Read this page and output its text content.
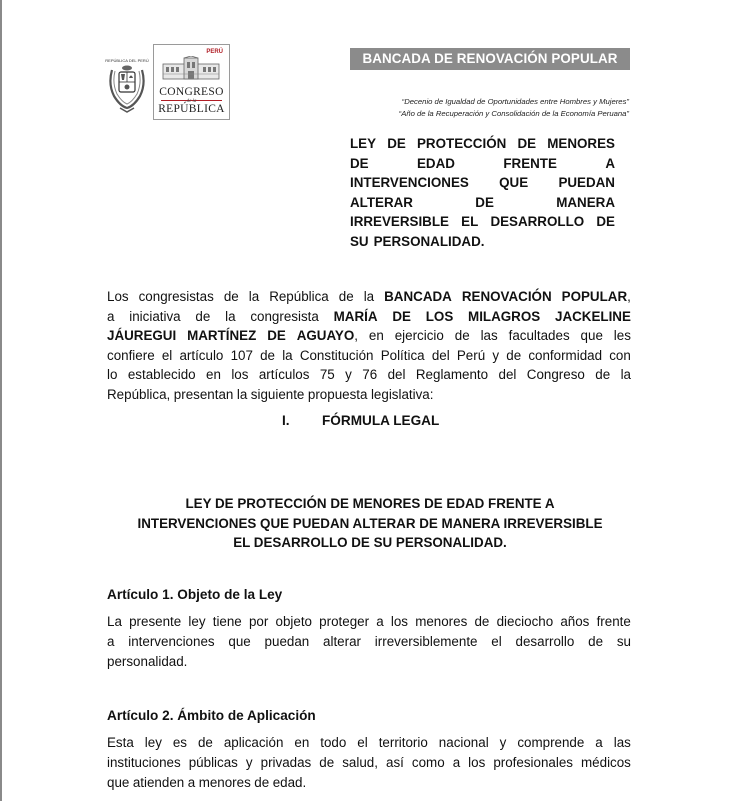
REPÚBLICA DEL PERÚ
PERÚ
CONGRESO
de la
REPÚBLICA
BANCADA DE RENOVACIÓN POPULAR
“Decenio de Igualdad de Oportunidades entre Hombres y Mujeres”
“Año de la Recuperación y Consolidación de la Economía Peruana”
LEY DE PROTECCIÓN DE MENORES
DE	EDAD	FRENTE	A
INTERVENCIONES QUE PUEDAN
ALTERAR	DE	MANERA
IRREVERSIBLE EL DESARROLLO DE
SU PERSONALIDAD.
Los congresistas de la República de la BANCADA RENOVACIÓN POPULAR,
a iniciativa de la congresista MARÍA DE LOS MILAGROS JACKELINE
JÁUREGUI MARTÍNEZ DE AGUAYO, en ejercicio de las facultades que les
confiere el artículo 107 de la Constitución Política del Perú y de conformidad con
lo establecido en los artículos 75 y 76 del Reglamento del Congreso de la
República, presentan la siguiente propuesta legislativa:
I. FÓRMULA LEGAL
LEY DE PROTECCIÓN DE MENORES DE EDAD FRENTE A
INTERVENCIONES QUE PUEDAN ALTERAR DE MANERA IRREVERSIBLE
EL DESARROLLO DE SU PERSONALIDAD.
Artículo 1. Objeto de la Ley
La presente ley tiene por objeto proteger a los menores de dieciocho años frente
a intervenciones que puedan alterar irreversiblemente el desarrollo de su
personalidad.
Artículo 2. Ámbito de Aplicación
Esta ley es de aplicación en todo el territorio nacional y comprende a las
instituciones públicas y privadas de salud, así como a los profesionales médicos
que atienden a menores de edad.
